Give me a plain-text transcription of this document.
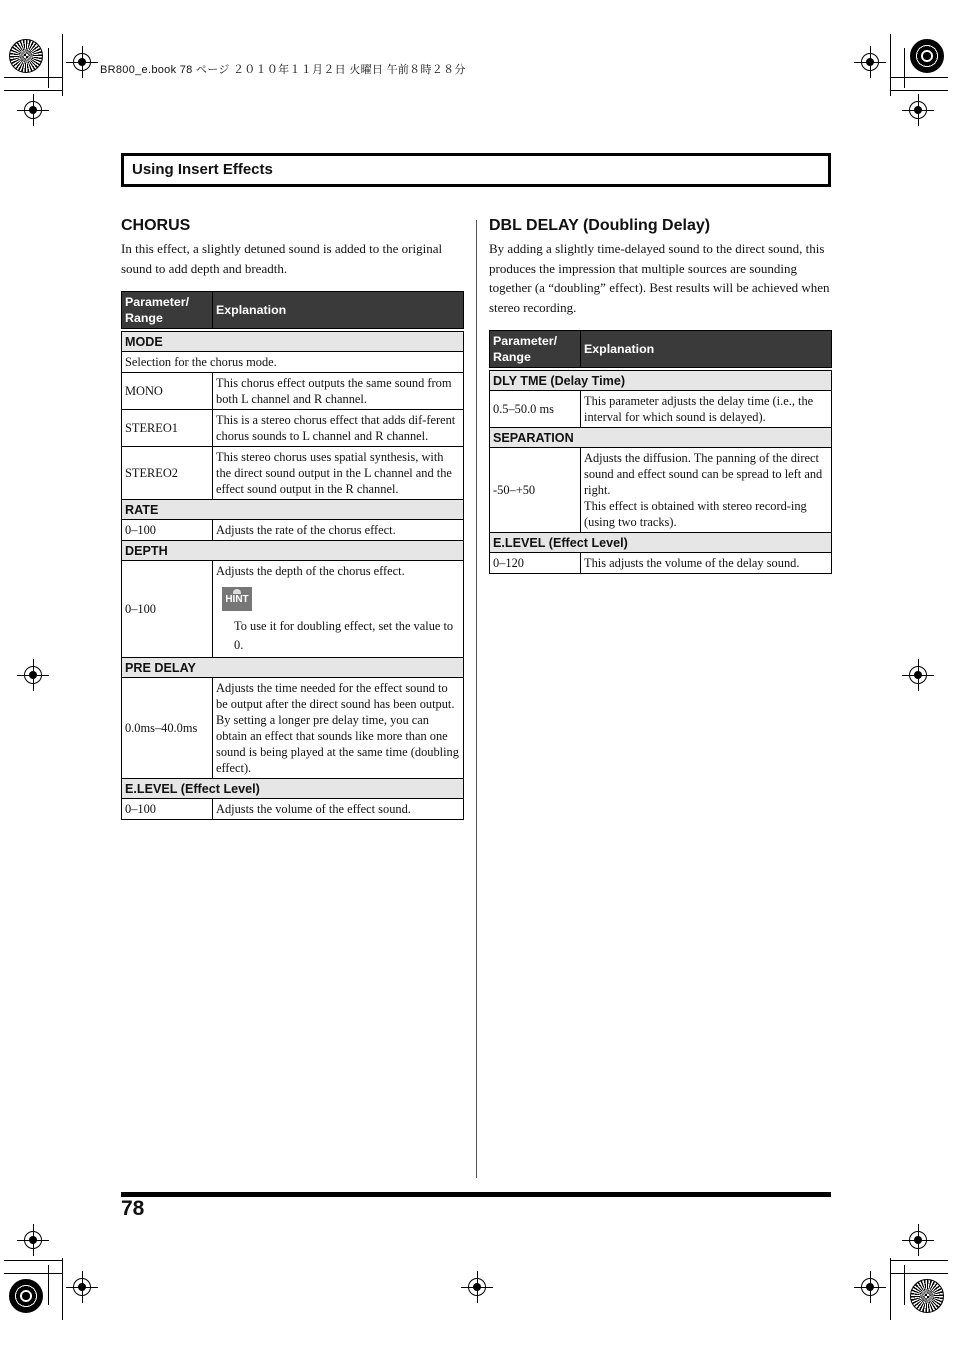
BR800_e.book 78 ページ ２０１０年１１月２日 火曜日 午前８時２８分
Using Insert Effects
CHORUS
In this effect, a slightly detuned sound is added to the original sound to add depth and breadth.
Parameter/ Range	Explanation

MODE	
Selection for the chorus mode.	
MONO	This chorus effect outputs the same sound from both L channel and R channel.
STEREO1	This is a stereo chorus effect that adds dif-ferent chorus sounds to L channel and R channel.
STEREO2	This stereo chorus uses spatial synthesis, with the direct sound output in the L channel and the effect sound output in the R channel.
RATE	
0–100	Adjusts the rate of the chorus effect.
DEPTH	
0–100	Adjusts the depth of the chorus effect.
HINT
To use it for doubling effect, set the value to 0.

PRE DELAY	
0.0ms–40.0ms	Adjusts the time needed for the effect sound to be output after the direct sound has been output.
By setting a longer pre delay time, you can obtain an effect that sounds like more than one sound is being played at the same time (doubling effect).

E.LEVEL (Effect Level)	
0–100	Adjusts the volume of the effect sound.
DBL DELAY (Doubling Delay)
By adding a slightly time-delayed sound to the direct sound, this produces the impression that multiple sources are sounding together (a “doubling” effect). Best results will be achieved when stereo recording.
Parameter/ Range	Explanation

DLY TME (Delay Time)	
0.5–50.0 ms	This parameter adjusts the delay time (i.e., the interval for which sound is delayed).
SEPARATION	
-50–+50	Adjusts the diffusion. The panning of the direct sound and effect sound can be spread to left and right.
This effect is obtained with stereo record-ing (using two tracks).

E.LEVEL (Effect Level)	
0–120	This adjusts the volume of the delay sound.
78
